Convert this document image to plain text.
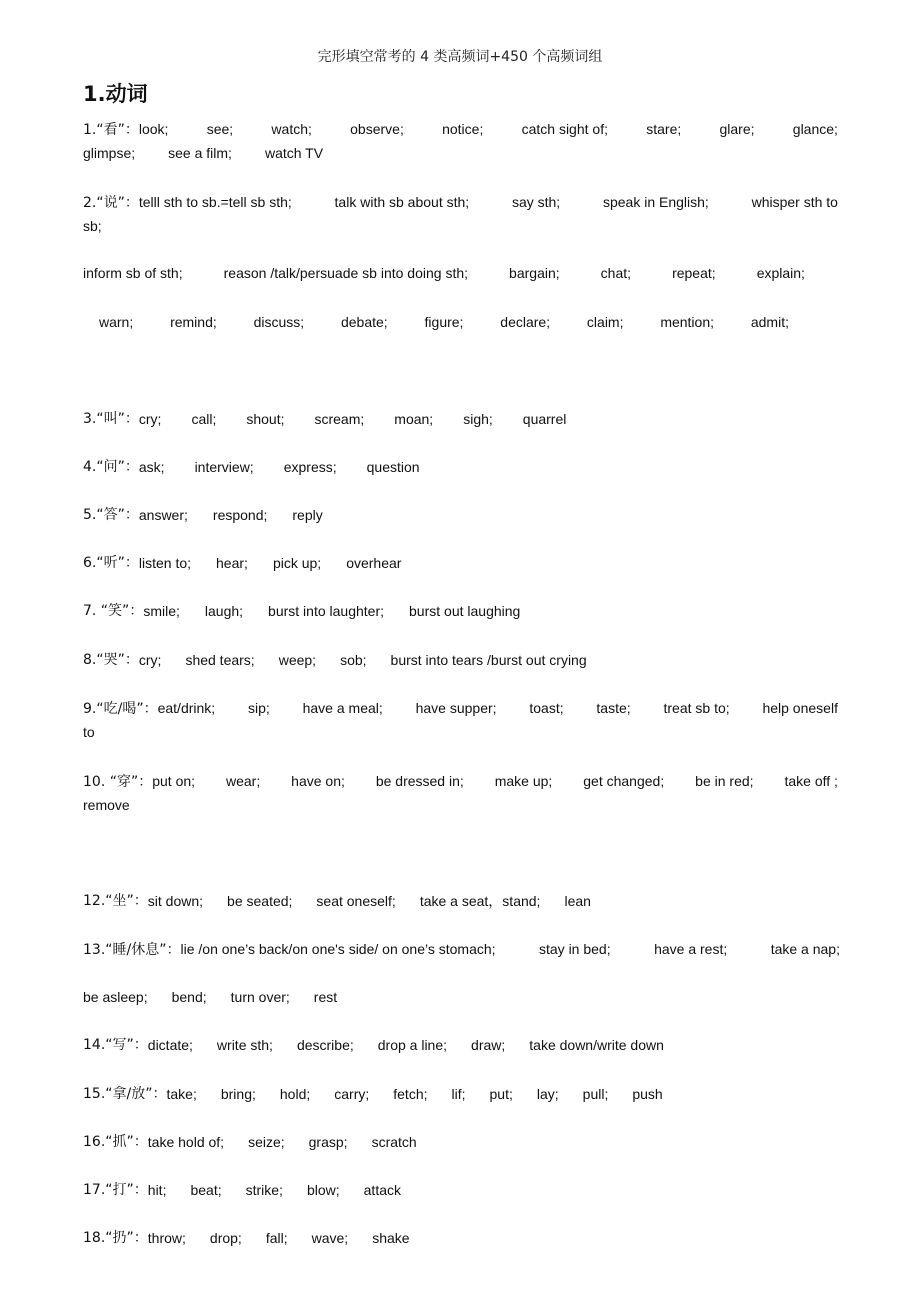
完形填空常考的 4 类高频词+450 个高频词组
1.动词
1.“看”：look;	see;	watch;	observe;	notice;	catch sight of;	stare;	glare;	glance;
glimpse; see a film; watch TV
2.“说”：telll sth to sb.=tell sb sth;	talk with sb about sth;	say sth;	speak in English;	whisper sth to
sb;
inform sb of sth;	reason /talk/persuade sb into doing sth;	bargain;	chat;	repeat;	explain;
warn;	remind;	discuss;	debate;	figure;	declare;	claim;	mention;	admit;
3.“叫”： cry; call; shout; scream; moan; sigh; quarrel
4.“问”： ask; interview; express; question
5.“答”： answer; respond; reply
6.“听”： listen to; hear; pick up; overhear
7. “笑”： smile; laugh; burst into laughter; burst out laughing
8.“哭”： cry; shed tears; weep; sob; burst into tears /burst out crying
9.“吃/喝”：eat/drink; sip; have a meal; have supper; toast; taste; treat sb to; help oneself
to
10. “穿”：put on; wear; have on; be dressed in; make up; get changed; be in red; take off ;
remove
12.“坐”： sit down; be seated; seat oneself; take a seat，stand; lean
13.“睡/休息”：lie /on one’s back/on one's side/ on one’s stomach;	stay in bed;	have a rest;	take a nap;
be asleep; bend; turn over; rest
14.“写”： dictate; write sth; describe; drop a line; draw; take down/write down
15.“拿/放”： take; bring; hold; carry; fetch; lif; put; lay; pull; push
16.“抓”： take hold of; seize; grasp; scratch
17.“打”： hit; beat; strike; blow; attack
18.“扔”： throw; drop; fall; wave; shake
